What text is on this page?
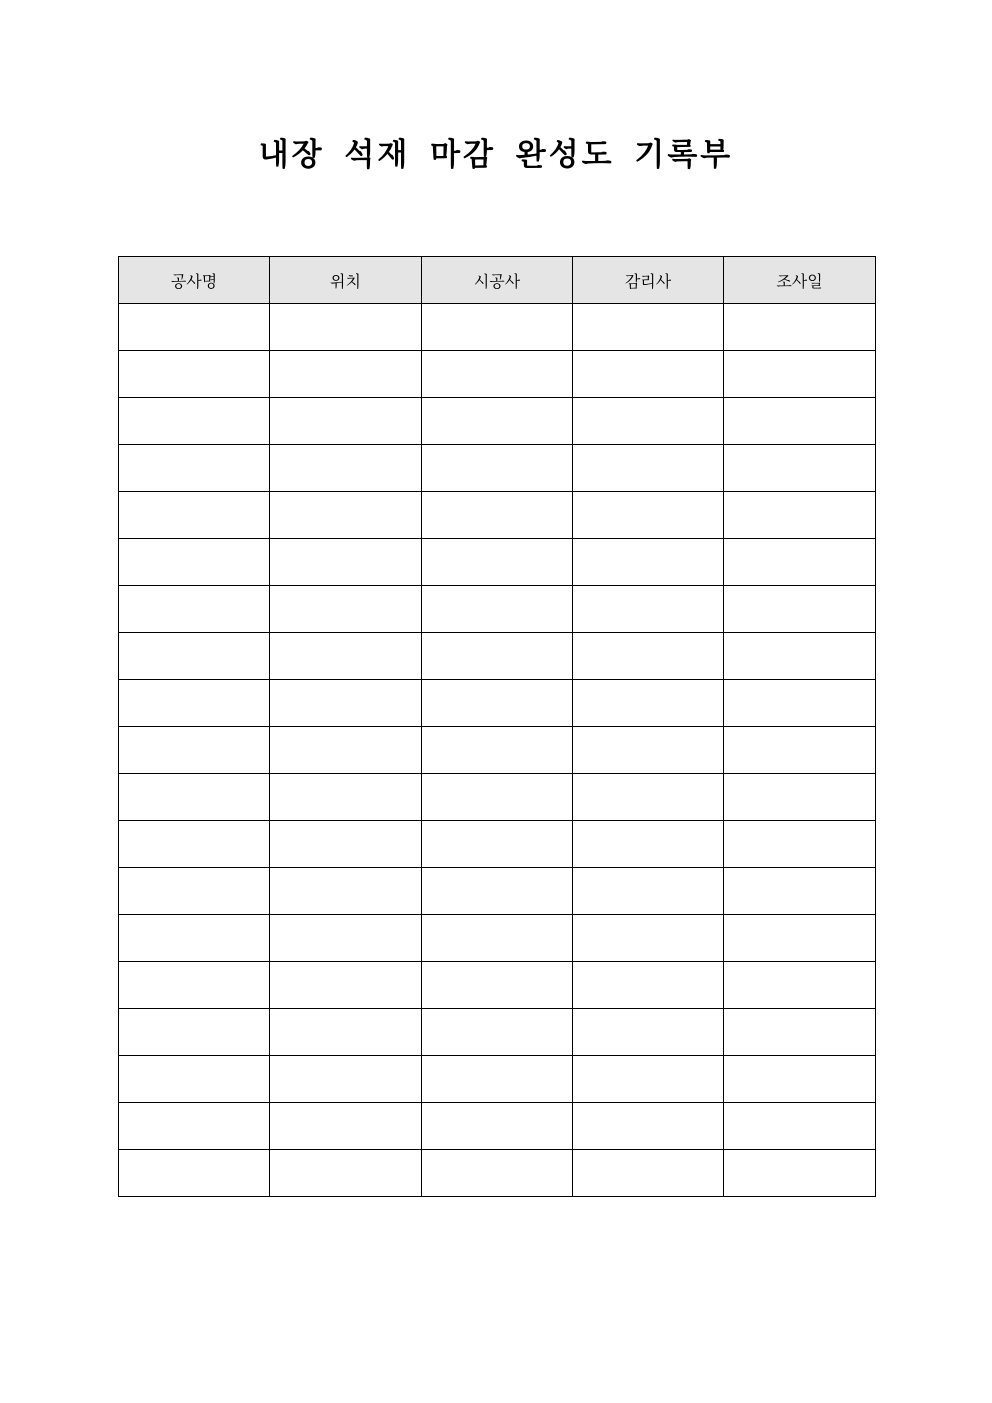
내장 석재 마감 완성도 기록부
공사명	위치	시공사	감리사	조사일
